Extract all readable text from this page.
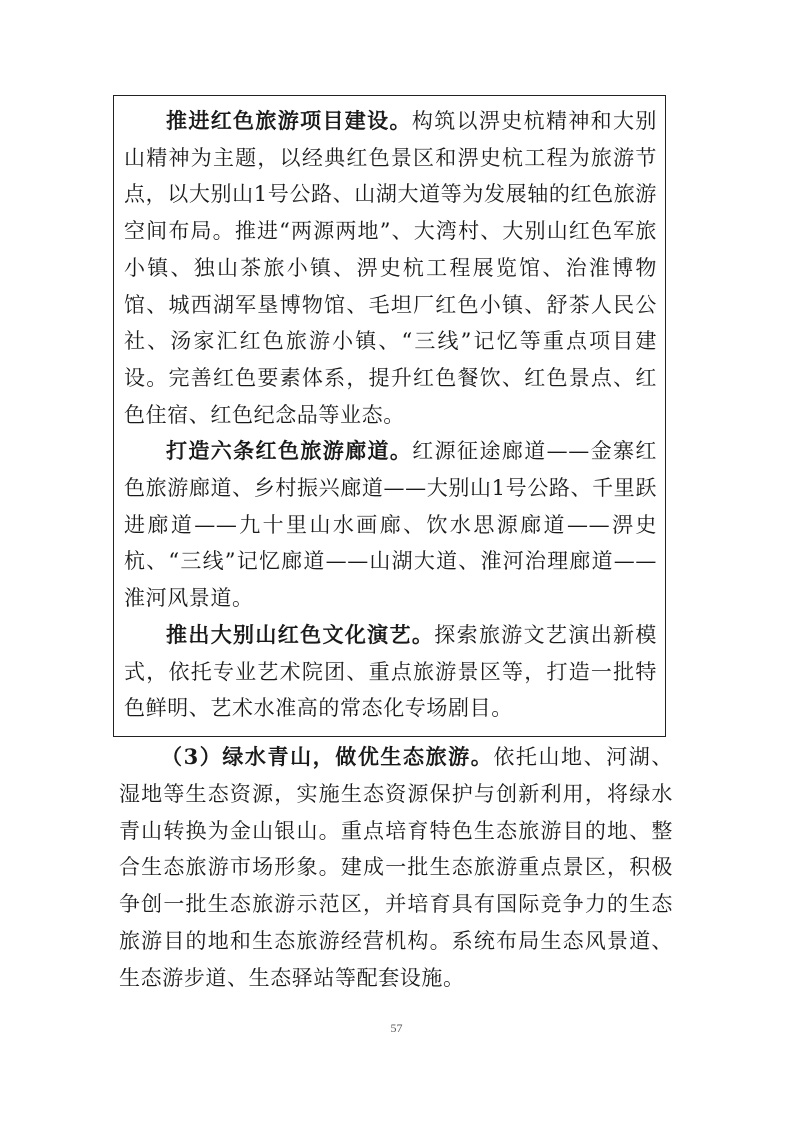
推进红色旅游项目建设。构筑以淠史杭精神和大别山精神为主题，以经典红色景区和淠史杭工程为旅游节点，以大别山1号公路、山湖大道等为发展轴的红色旅游空间布局。推进“两源两地”、大湾村、大别山红色军旅小镇、独山茶旅小镇、淠史杭工程展览馆、治淮博物馆、城西湖军垦博物馆、毛坦厂红色小镇、舒茶人民公社、汤家汇红色旅游小镇、“三线”记忆等重点项目建设。完善红色要素体系，提升红色餐饮、红色景点、红色住宿、红色纪念品等业态。

打造六条红色旅游廊道。红源征途廊道——金寨红色旅游廊道、乡村振兴廊道——大别山1号公路、千里跃进廊道——九十里山水画廊、饮水思源廊道——淠史杭、“三线”记忆廊道——山湖大道、淮河治理廊道——淮河风景道。

推出大别山红色文化演艺。探索旅游文艺演出新模式，依托专业艺术院团、重点旅游景区等，打造一批特色鲜明、艺术水准高的常态化专场剧目。

（3）绿水青山，做优生态旅游。依托山地、河湖、湿地等生态资源，实施生态资源保护与创新利用，将绿水青山转换为金山银山。重点培育特色生态旅游目的地、整合生态旅游市场形象。建成一批生态旅游重点景区，积极争创一批生态旅游示范区，并培育具有国际竞争力的生态旅游目的地和生态旅游经营机构。系统布局生态风景道、生态游步道、生态驿站等配套设施。

57
